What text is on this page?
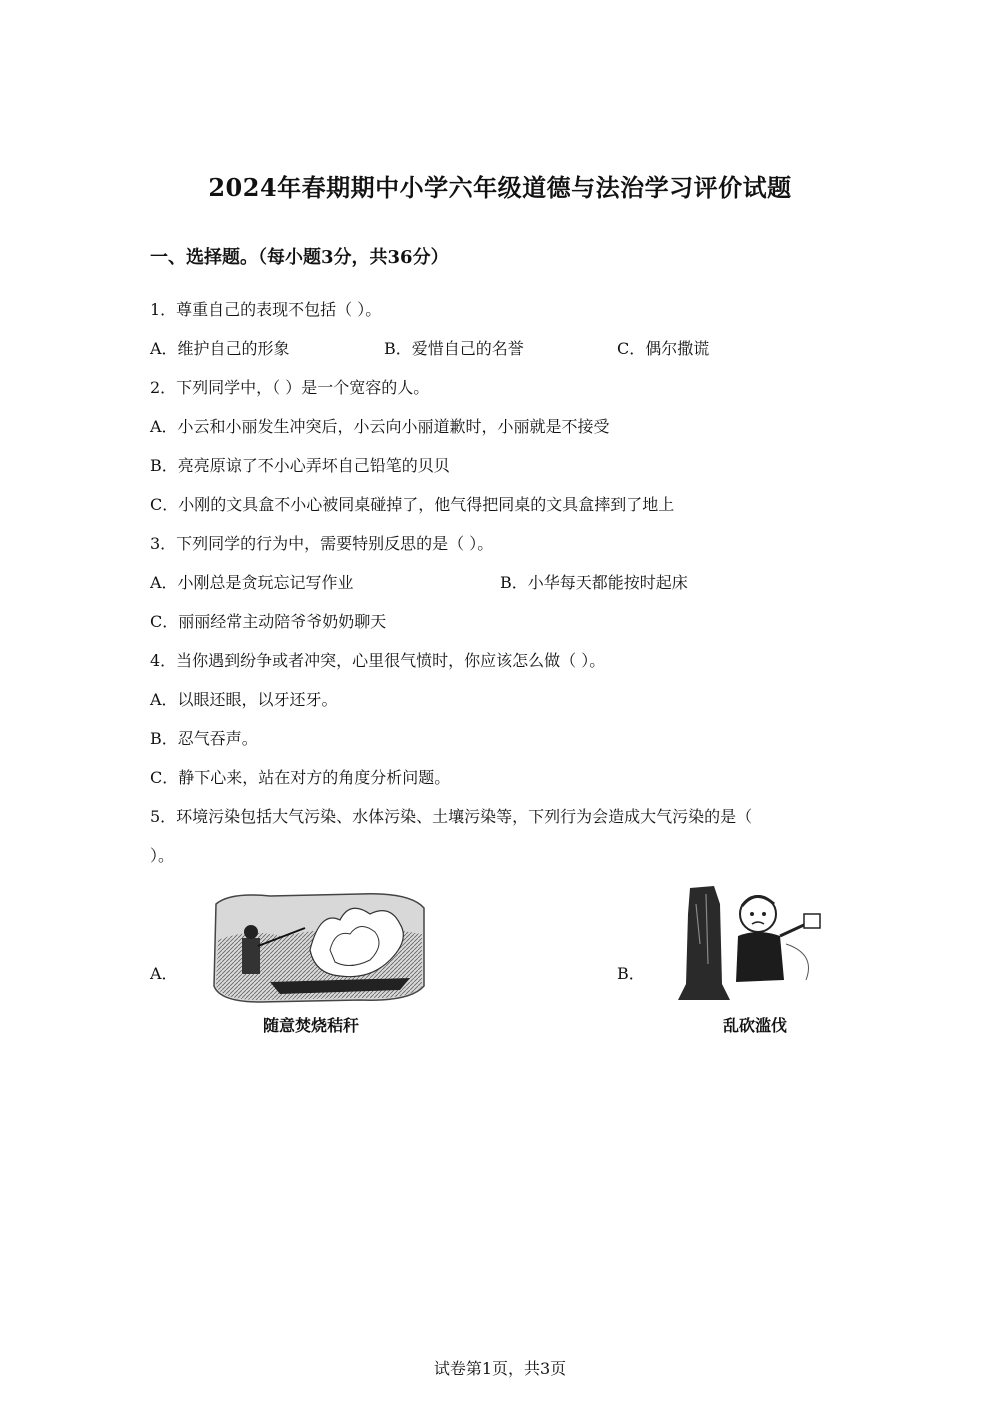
2024年春期期中小学六年级道德与法治学习评价试题
一、选择题。（每小题3分，共36分）
1．尊重自己的表现不包括（ ）。
A．维护自己的形象	B．爱惜自己的名誉	C．偶尔撒谎
2．下列同学中，（ ）是一个宽容的人。
A．小云和小丽发生冲突后，小云向小丽道歉时，小丽就是不接受
B．亮亮原谅了不小心弄坏自己铅笔的贝贝
C．小刚的文具盒不小心被同桌碰掉了，他气得把同桌的文具盒摔到了地上
3．下列同学的行为中，需要特别反思的是（ ）。
A．小刚总是贪玩忘记写作业	B．小华每天都能按时起床
C．丽丽经常主动陪爷爷奶奶聊天
4．当你遇到纷争或者冲突，心里很气愤时，你应该怎么做（ ）。
A．以眼还眼，以牙还牙。
B．忍气吞声。
C．静下心来，站在对方的角度分析问题。
5．环境污染包括大气污染、水体污染、土壤污染等，下列行为会造成大气污染的是（
）。
A．
随意焚烧秸秆
B．
乱砍滥伐
试卷第1页，共3页
